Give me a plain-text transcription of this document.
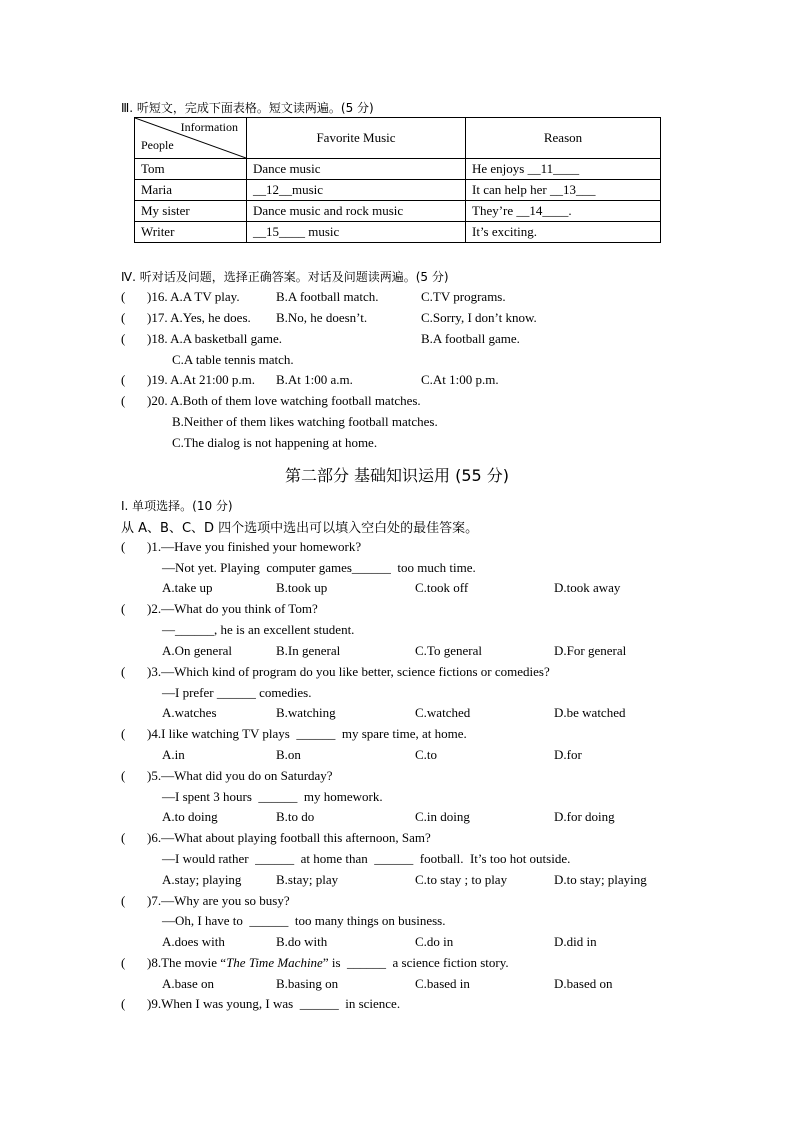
Ⅲ. 听短文，完成下面表格。短文读两遍。(5 分)
Information
People	Favorite Music	Reason
Tom	Dance music	He enjoys __11____
Maria	__12__music	It can help her __13___
My sister	Dance music and rock music	They’re __14____.
Writer	__15____ music	It’s exciting.
Ⅳ. 听对话及问题，选择正确答案。对话及问题读两遍。(5 分)
( )16. A.A TV play.	B.A football match.	C.TV programs.
( )17. A.Yes, he does. B.No, he doesn’t.	C.Sorry, I don’t know.
( )18. A.A basketball game.	B.A football game.
C.A table tennis match.
( )19. A.At 21:00 p.m. B.At 1:00 a.m.	C.At 1:00 p.m.
( )20. A.Both of them love watching football matches.
B.Neither of them likes watching football matches.
C.The dialog is not happening at home.
第二部分 基础知识运用 (55 分)
Ⅰ. 单项选择。(10 分)
从 A、B、C、D 四个选项中选出可以填入空白处的最佳答案。
( )1.—Have you finished your homework?
—Not yet. Playing  computer games______  too much time.
A.take up	B.took up	C.took off	D.took away
( )2.—What do you think of Tom?
—______, he is an excellent student.
A.On general	B.In general	C.To general	D.For general
( )3.—Which kind of program do you like better, science fictions or comedies?
—I prefer ______ comedies.
A.watches	B.watching	C.watched	D.be watched
( )4.I like watching TV plays  ______  my spare time, at home.
A.in	B.on	C.to	D.for
( )5.—What did you do on Saturday?
—I spent 3 hours  ______  my homework.
A.to doing	B.to do	C.in doing	D.for doing
( )6.—What about playing football this afternoon, Sam?
—I would rather  ______  at home than  ______  football.  It’s too hot outside.
A.stay; playing	B.stay; play	C.to stay ; to play	D.to stay; playing
( )7.—Why are you so busy?
—Oh, I have to  ______  too many things on business.
A.does with	B.do with	C.do in	D.did in
( )8.The movie “The Time Machine” is  ______  a science fiction story.
A.base on	B.basing on	C.based in	D.based on
( )9.When I was young, I was  ______  in science.
